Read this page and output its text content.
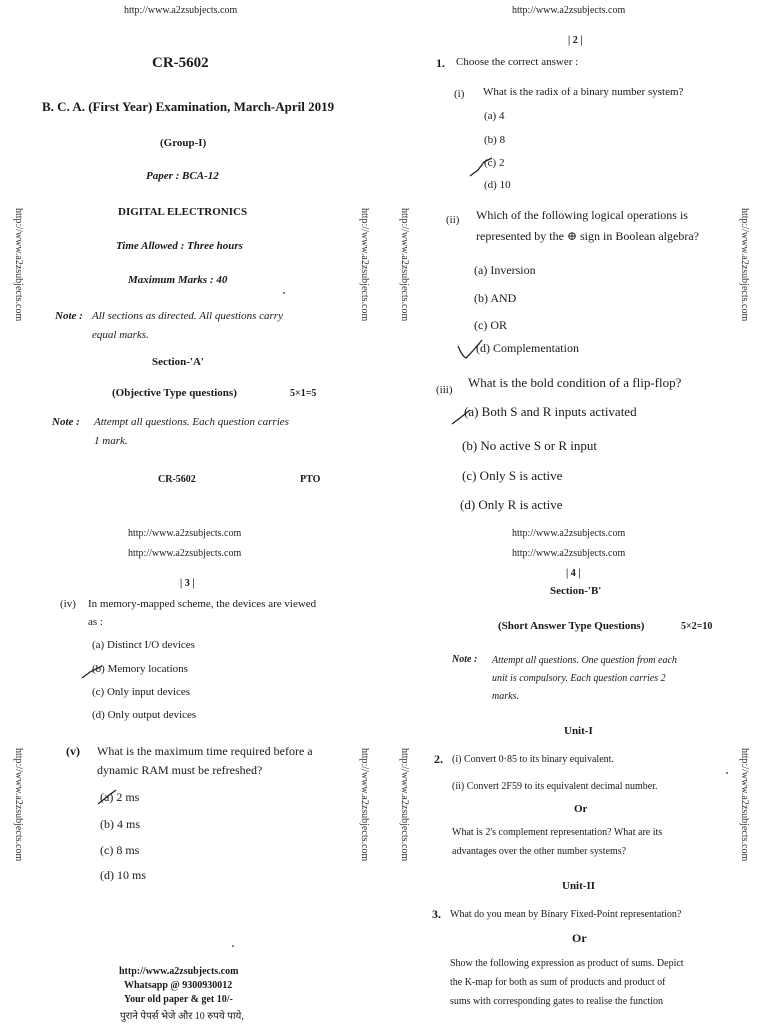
http://www.a2zsubjects.com
http://www.a2zsubjects.com	http://www.a2zsubjects.com
CR-5602
B. C. A. (First Year) Examination, March-April 2019
(Group-I)
Paper : BCA-12
DIGITAL ELECTRONICS
Time Allowed : Three hours
Maximum Marks : 40
Note : All sections as directed. All questions carry
equal marks.
Section-'A'
(Objective Type questions)	5×1=5
Note : Attempt all questions. Each question carries
1 mark.
CR-5602	PTO
http://www.a2zsubjects.com
http://www.a2zsubjects.com	http://www.a2zsubjects.com
| 2 |
1. Choose the correct answer :
(i) What is the radix of a binary number system?
(a) 4
(b) 8
(c) 2
(d) 10
(ii) Which of the following logical operations is
represented by the ⊕ sign in Boolean algebra?
(a) Inversion
(b) AND
(c) OR
(d) Complementation
(iii) What is the bold condition of a flip-flop?
(a) Both S and R inputs activated
(b) No active S or R input
(c) Only S is active
(d) Only R is active
http://www.a2zsubjects.com
http://www.a2zsubjects.com
http://www.a2zsubjects.com	http://www.a2zsubjects.com
| 3 |
(iv) In memory-mapped scheme, the devices are viewed
as :
(a) Distinct I/O devices
(b) Memory locations
(c) Only input devices
(d) Only output devices
(v) What is the maximum time required before a
dynamic RAM must be refreshed?
(a) 2 ms
(b) 4 ms
(c) 8 ms
(d) 10 ms
http://www.a2zsubjects.com
Whatsapp @ 9300930012
Your old paper & get 10/-
पुराने पेपर्स भेजे और 10 रुपये पाये,
http://www.a2zsubjects.com
http://www.a2zsubjects.com
http://www.a2zsubjects.com	http://www.a2zsubjects.com
| 4 |
Section-'B'
(Short Answer Type Questions)	5×2=10
Note : Attempt all questions. One question from each
unit is compulsory. Each question carries 2
marks.
Unit-I
2. (i) Convert 0·85 to its binary equivalent.
(ii) Convert 2F59 to its equivalent decimal number.
Or
What is 2's complement representation? What are its
advantages over the other number systems?
Unit-II
3. What do you mean by Binary Fixed-Point representation?
Or
Show the following expression as product of sums. Depict
the K-map for both as sum of products and product of
sums with corresponding gates to realise the function
